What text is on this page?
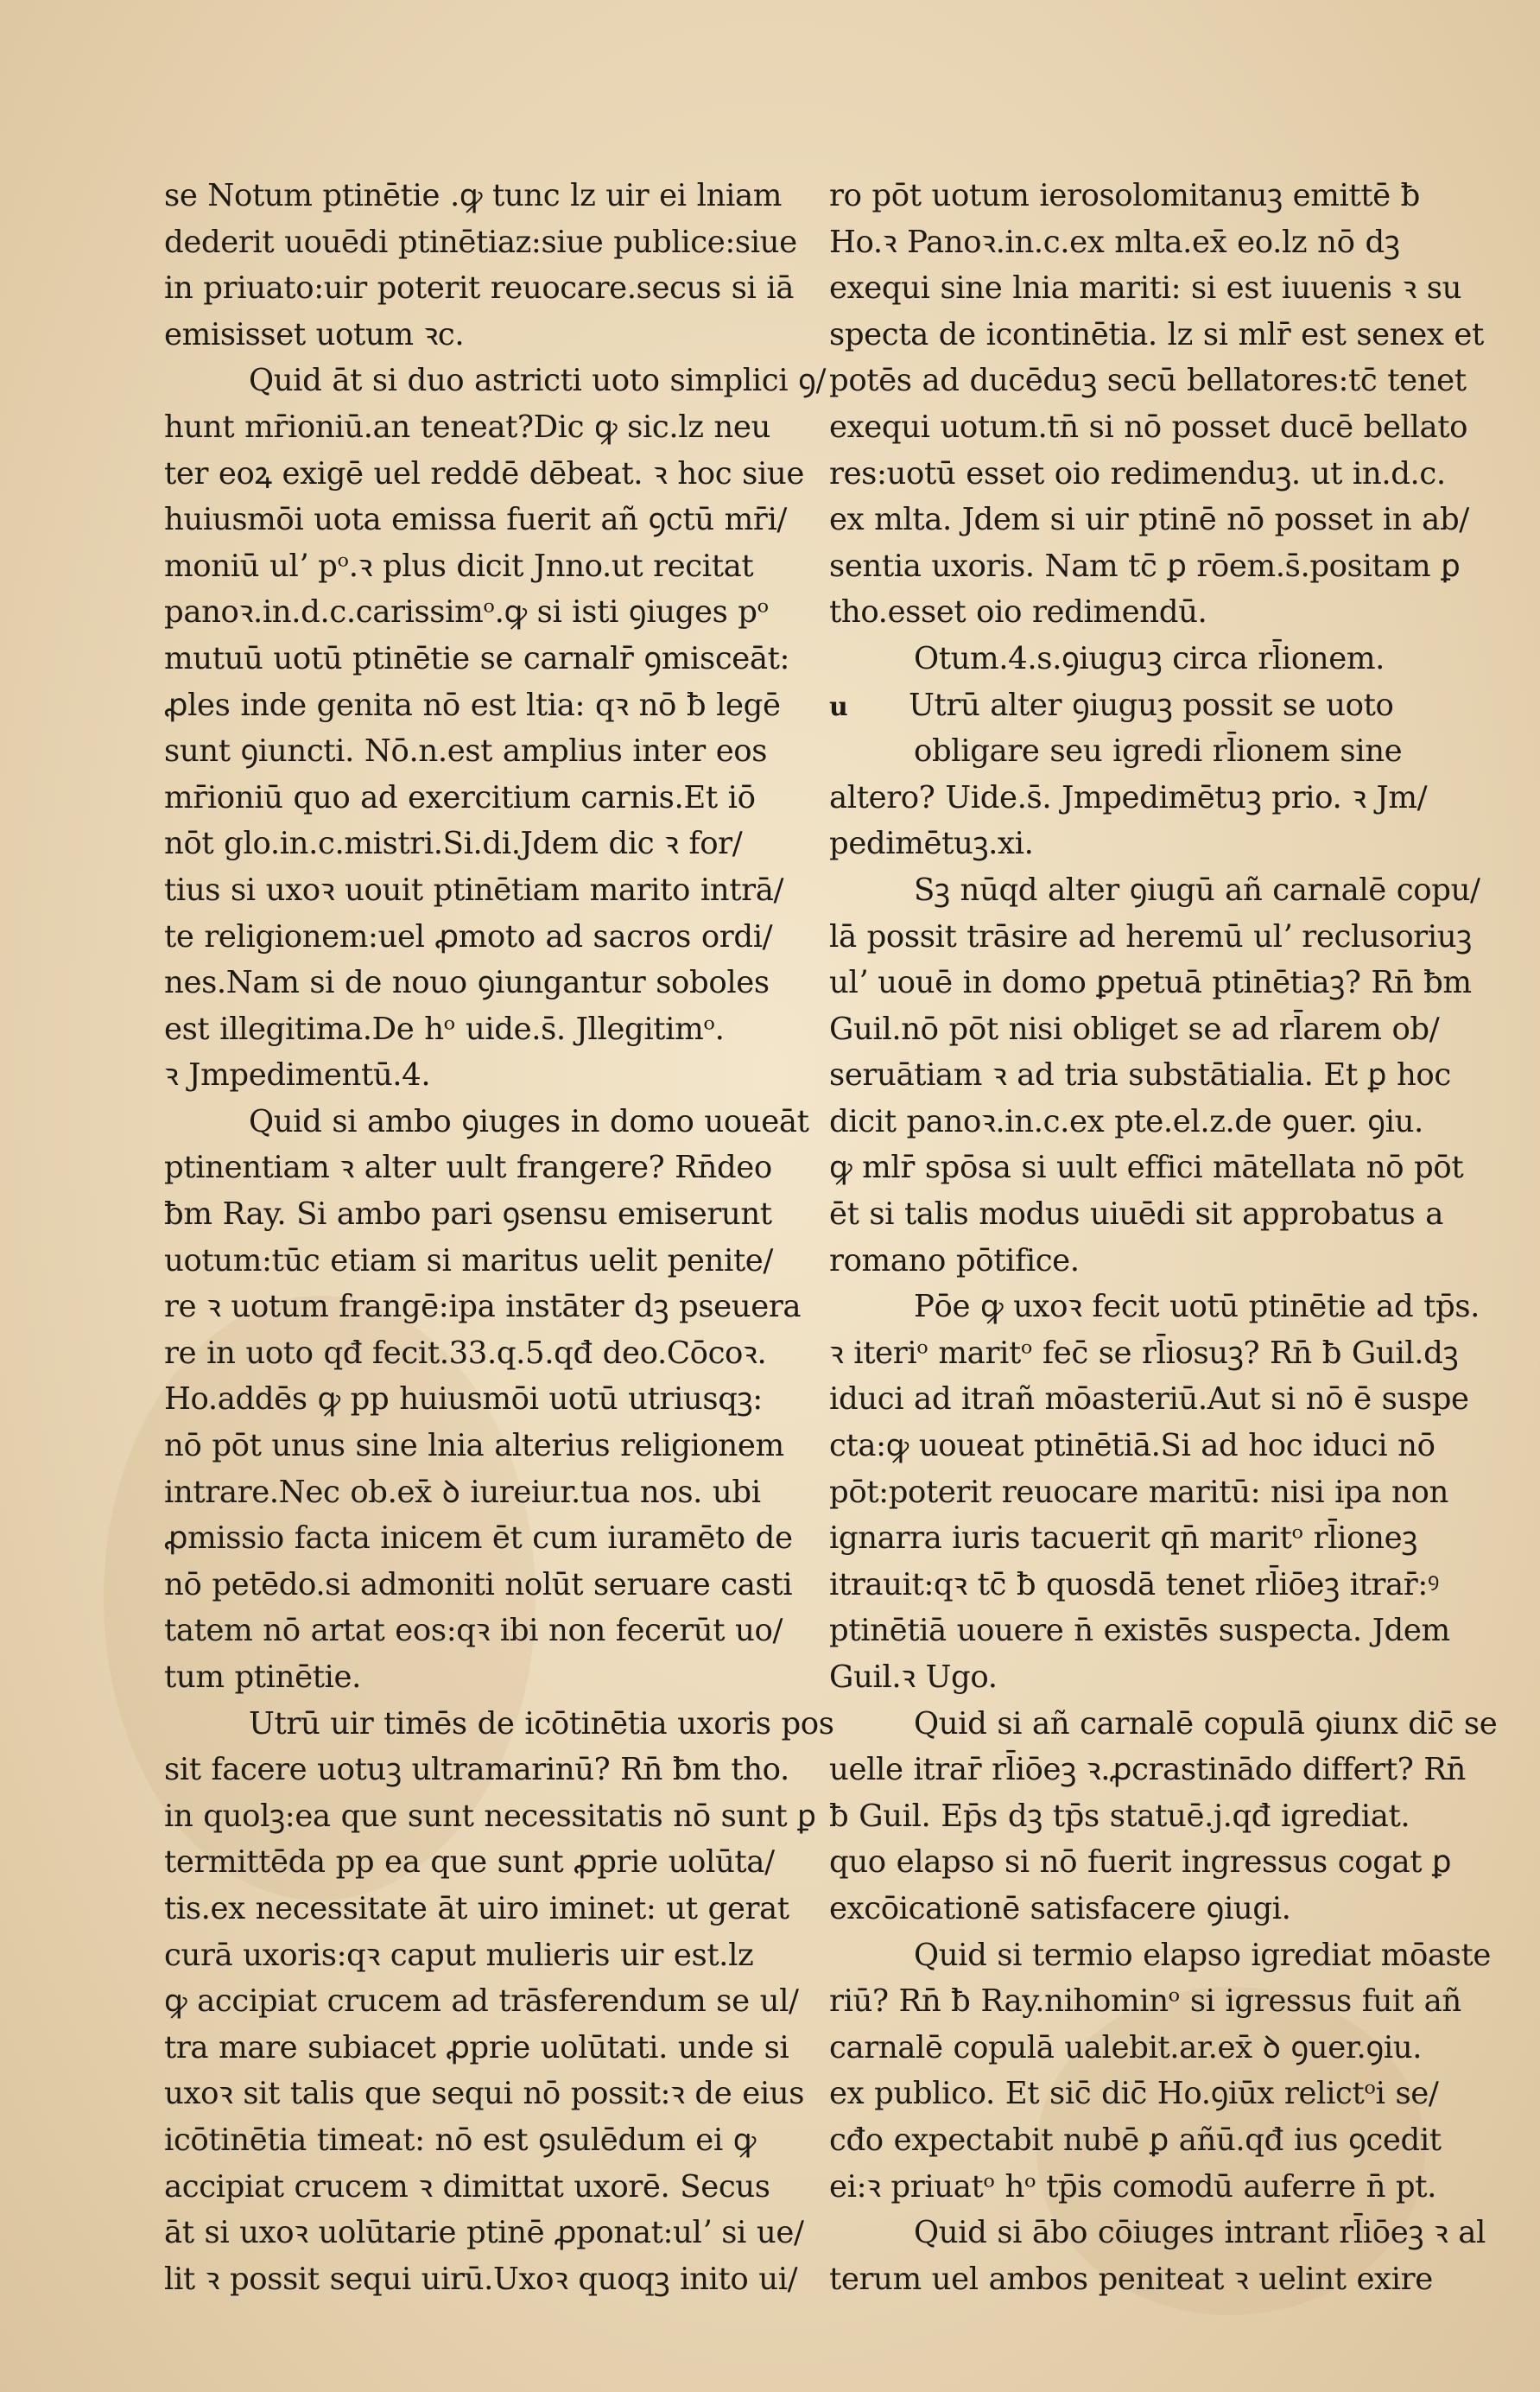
se Notum ptinētie .ꝙ tunc lz uir ei lniam
dederit uouēdi ptinētiaz:siue publice:siue
in priuato:uir poterit reuocare.secus si iā
emisisset uotum ꝛc.
Quid āt si duo astricti uoto simplici ꝯ/
hunt mr̄ioniū.an teneat?Dic ꝙ sic.lz neu
ter eoꝝ exigē uel reddē dēbeat. ꝛ hoc siue
huiusmōi uota emissa fuerit añ ꝯctū mr̄i/
moniū ulʼ pᵒ.ꝛ plus dicit Jnno.ut recitat
panoꝛ.in.d.c.carissimᵒ.ꝙ si isti ꝯiuges pᵒ
mutuū uotū ptinētie se carnalr̄ ꝯmisceāt:
ꝓles inde genita nō est ltia: qꝛ nō ƀ legē
sunt ꝯiuncti. Nō.n.est amplius inter eos
mr̄ioniū quo ad exercitium carnis.Et iō
nōt glo.in.c.mistri.Si.di.Jdem dic ꝛ for/
tius si uxoꝛ uouit ptinētiam marito intrā/
te religionem:uel ꝓmoto ad sacros ordi/
nes.Nam si de nouo ꝯiungantur soboles
est illegitima.De hᵒ uide.s̄. Jllegitimᵒ.
ꝛ Jmpedimentū.4.
Quid si ambo ꝯiuges in domo uoueāt
ptinentiam ꝛ alter uult frangere? Rn̄deo
ƀm Ray. Si ambo pari ꝯsensu emiserunt
uotum:tūc etiam si maritus uelit penite/
re ꝛ uotum frangē:ipa instāter dꝫ pseuera
re in uoto qđ fecit.33.q.5.qđ deo.Cōcoꝛ.
Ho.addēs ꝙ pp huiusmōi uotū utriusqꝫ:
nō pōt unus sine lnia alterius religionem
intrare.Nec ob.ex̄ ꝺ iureiur.tua nos. ubi
ꝓmissio facta inicem ēt cum iuramēto de
nō petēdo.si admoniti nolūt seruare casti
tatem nō artat eos:qꝛ ibi non fecerūt uo/
tum ptinētie.
Utrū uir timēs de icōtinētia uxoris pos
sit facere uotuꝫ ultramarinū? Rn̄ ƀm tho.
in quolꝫ:ea que sunt necessitatis nō sunt ꝑ
termittēda pp ea que sunt ꝓprie uolūta/
tis.ex necessitate āt uiro iminet: ut gerat
curā uxoris:qꝛ caput mulieris uir est.lz
ꝙ accipiat crucem ad trāsferendum se ul/
tra mare subiacet ꝓprie uolūtati. unde si
uxoꝛ sit talis que sequi nō possit:ꝛ de eius
icōtinētia timeat: nō est ꝯsulēdum ei ꝙ
accipiat crucem ꝛ dimittat uxorē. Secus
āt si uxoꝛ uolūtarie ptinē ꝓponat:ulʼ si ue/
lit ꝛ possit sequi uirū.Uxoꝛ quoqꝫ inito ui/
ro pōt uotum ierosolomitanuꝫ emittē ƀ
Ho.ꝛ Panoꝛ.in.c.ex mlta.ex̄ eo.lz nō dꝫ
exequi sine lnia mariti: si est iuuenis ꝛ su
specta de icontinētia. lz si mlr̄ est senex et
potēs ad ducēduꝫ secū bellatores:tc̄ tenet
exequi uotum.tn̄ si nō posset ducē bellato
res:uotū esset oio redimenduꝫ. ut in.d.c.
ex mlta. Jdem si uir ptinē nō posset in ab/
sentia uxoris. Nam tc̄ ꝑ rōem.s̄.positam ꝑ
tho.esset oio redimendū.
Otum.4.s.ꝯiuguꝫ circa rl̄ionem.
u Utrū alter ꝯiuguꝫ possit se uoto
obligare seu igredi rl̄ionem sine
altero? Uide.s̄. Jmpedimētuꝫ prio. ꝛ Jm/
pedimētuꝫ.xi.
Sꝫ nūqd alter ꝯiugū añ carnalē copu/
lā possit trāsire ad heremū ulʼ reclusoriuꝫ
ulʼ uouē in domo ꝑpetuā ptinētiaꝫ? Rn̄ ƀm
Guil.nō pōt nisi obliget se ad rl̄arem ob/
seruātiam ꝛ ad tria substātialia. Et ꝑ hoc
dicit panoꝛ.in.c.ex pte.el.z.de ꝯuer. ꝯiu.
ꝙ mlr̄ spōsa si uult effici mātellata nō pōt
ēt si talis modus uiuēdi sit approbatus a
romano pōtifice.
Pōe ꝙ uxoꝛ fecit uotū ptinētie ad tp̄s.
ꝛ iteriᵒ maritᵒ fec̄ se rl̄iosuꝫ? Rn̄ ƀ Guil.dꝫ
iduci ad itrañ mōasteriū.Aut si nō ē suspe
cta:ꝙ uoueat ptinētiā.Si ad hoc iduci nō
pōt:poterit reuocare maritū: nisi ipa non
ignarra iuris tacuerit qn̄ maritᵒ rl̄ioneꝫ
itrauit:qꝛ tc̄ ƀ quosdā tenet rl̄iōeꝫ itrar̄:ꝰ
ptinētiā uouere n̄ existēs suspecta. Jdem
Guil.ꝛ Ugo.
Quid si añ carnalē copulā ꝯiunx dic̄ se
uelle itrar̄ rl̄iōeꝫ ꝛ.ꝓcrastinādo differt? Rn̄
ƀ Guil. Ep̄s dꝫ tp̄s statuē.j.qđ igrediat.
quo elapso si nō fuerit ingressus cogat ꝑ
excōicationē satisfacere ꝯiugi.
Quid si termio elapso igrediat mōaste
riū? Rn̄ ƀ Ray.nihominᵒ si igressus fuit añ
carnalē copulā ualebit.ar.ex̄ ꝺ ꝯuer.ꝯiu.
ex publico. Et sic̄ dic̄ Ho.ꝯiūx relictᵒi se/
cđo expectabit nubē ꝑ añū.qđ ius ꝯcedit
ei:ꝛ priuatᵒ hᵒ tp̄is comodū auferre n̄ pt.
Quid si ābo cōiuges intrant rl̄iōeꝫ ꝛ al
terum uel ambos peniteat ꝛ uelint exire
